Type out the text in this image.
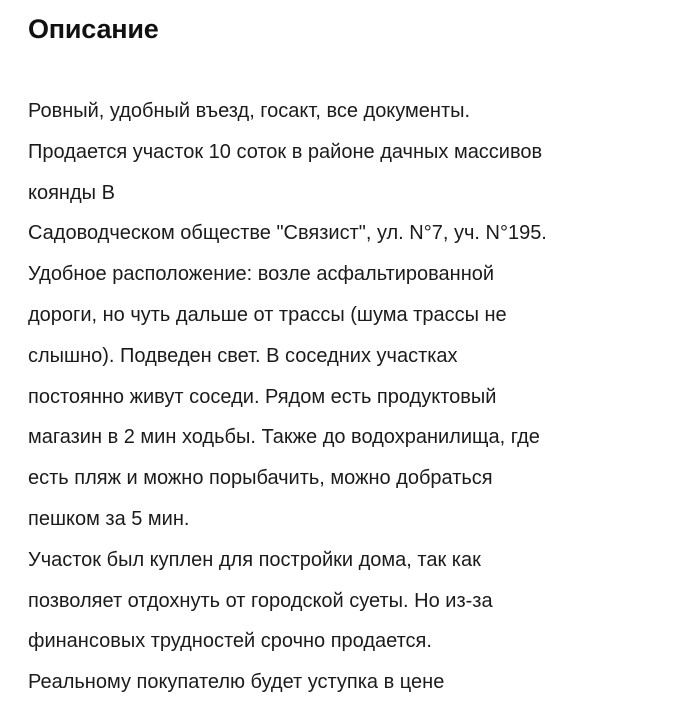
Описание
Ровный, удобный въезд, госакт, все документы.
Продается участок 10 соток в районе дачных массивов
коянды В
Садоводческом обществе "Связист", ул. N°7, уч. N°195.
Удобное расположение: возле асфальтированной
дороги, но чуть дальше от трассы (шума трассы не
слышно). Подведен свет. В соседних участках
постоянно живут соседи. Рядом есть продуктовый
магазин в 2 мин ходьбы. Также до водохранилища, где
есть пляж и можно порыбачить, можно добраться
пешком за 5 мин.
Участок был куплен для постройки дома, так как
позволяет отдохнуть от городской суеты. Но из-за
финансовых трудностей срочно продается.
Реальному покупателю будет уступка в цене
